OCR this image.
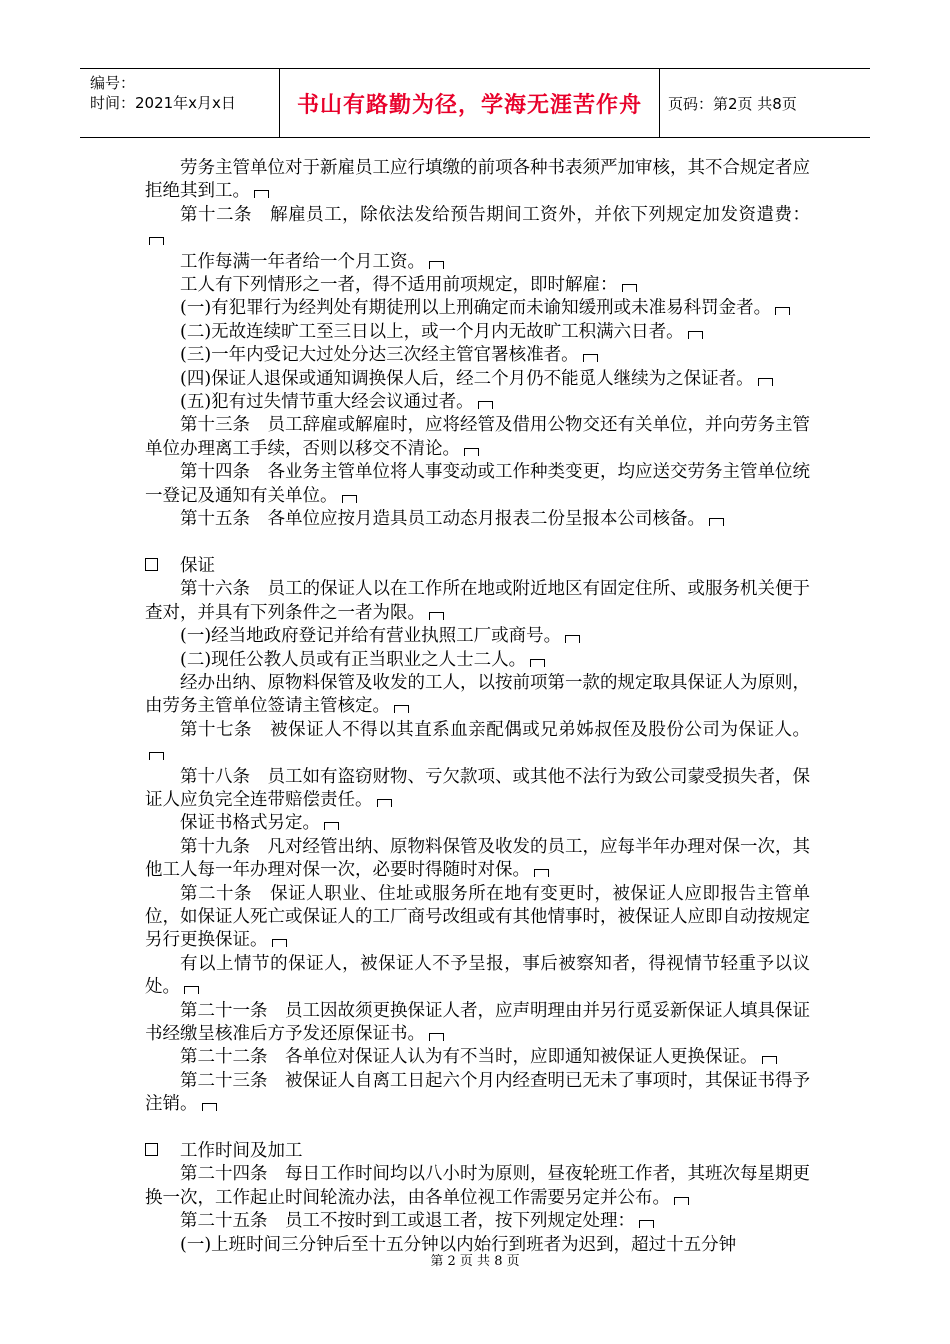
编号：
时间：2021年x月x日	书山有路勤为径，学海无涯苦作舟	页码：第2页 共8页

劳务主管单位对于新雇员工应行填缴的前项各种书表须严加审核，其不合规定者应拒绝其到工。

第十二条　解雇员工，除依法发给预告期间工资外，并依下列规定加发资遣费：

工作每满一年者给一个月工资。

工人有下列情形之一者，得不适用前项规定，即时解雇：

(一)有犯罪行为经判处有期徒刑以上刑确定而未谕知缓刑或未准易科罚金者。

(二)无故连续旷工至三日以上，或一个月内无故旷工积满六日者。

(三)一年内受记大过处分达三次经主管官署核准者。

(四)保证人退保或通知调换保人后，经二个月仍不能觅人继续为之保证者。

(五)犯有过失情节重大经会议通过者。

第十三条　员工辞雇或解雇时，应将经管及借用公物交还有关单位，并向劳务主管单位办理离工手续，否则以移交不清论。

第十四条　各业务主管单位将人事变动或工作种类变更，均应送交劳务主管单位统一登记及通知有关单位。

第十五条　各单位应按月造具员工动态月报表二份呈报本公司核备。

保证

第十六条　员工的保证人以在工作所在地或附近地区有固定住所、或服务机关便于查对，并具有下列条件之一者为限。

(一)经当地政府登记并给有营业执照工厂或商号。

(二)现任公教人员或有正当职业之人士二人。

经办出纳、原物料保管及收发的工人，以按前项第一款的规定取具保证人为原则，由劳务主管单位签请主管核定。

第十七条　被保证人不得以其直系血亲配偶或兄弟姊叔侄及股份公司为保证人。

第十八条　员工如有盗窃财物、亏欠款项、或其他不法行为致公司蒙受损失者，保证人应负完全连带赔偿责任。

保证书格式另定。

第十九条　凡对经管出纳、原物料保管及收发的员工，应每半年办理对保一次，其他工人每一年办理对保一次，必要时得随时对保。

第二十条　保证人职业、住址或服务所在地有变更时，被保证人应即报告主管单位，如保证人死亡或保证人的工厂商号改组或有其他情事时，被保证人应即自动按规定另行更换保证。

有以上情节的保证人，被保证人不予呈报，事后被察知者，得视情节轻重予以议处。

第二十一条　员工因故须更换保证人者，应声明理由并另行觅妥新保证人填具保证书经缴呈核准后方予发还原保证书。

第二十二条　各单位对保证人认为有不当时，应即通知被保证人更换保证。

第二十三条　被保证人自离工日起六个月内经查明已无未了事项时，其保证书得予注销。

工作时间及加工

第二十四条　每日工作时间均以八小时为原则，昼夜轮班工作者，其班次每星期更换一次，工作起止时间轮流办法，由各单位视工作需要另定并公布。

第二十五条　员工不按时到工或退工者，按下列规定处理：

(一)上班时间三分钟后至十五分钟以内始行到班者为迟到，超过十五分钟

第 2 页 共 8 页
